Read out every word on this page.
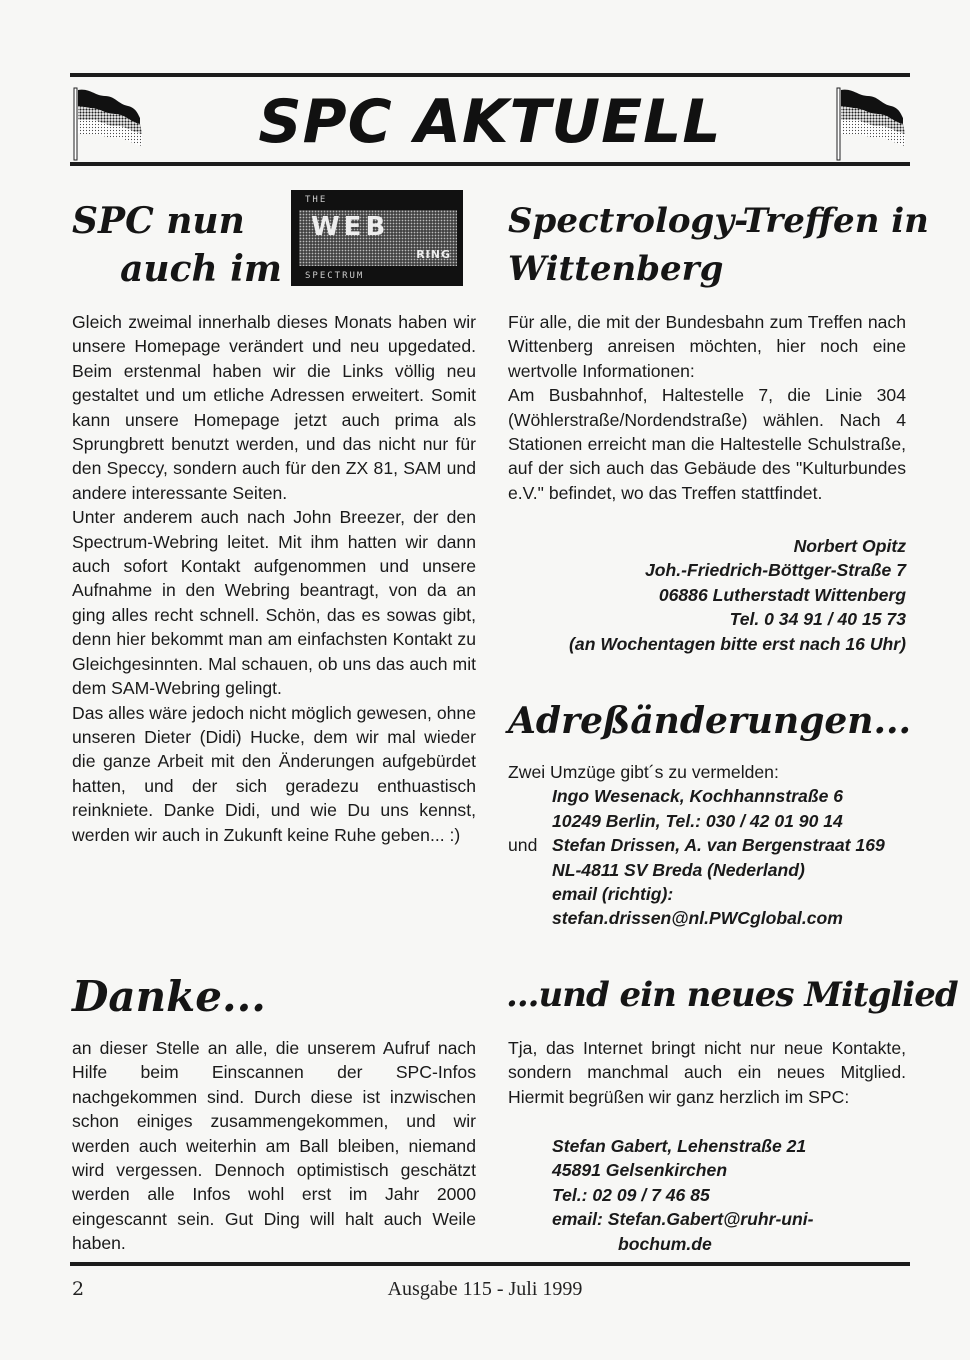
SPC AKTUELL
SPC nun
auch im
THE
WEB
RING
SPECTRUM

Gleich zweimal innerhalb dieses Monats haben wir unsere Homepage verändert und neu upgedated. Beim erstenmal haben wir die Links völlig neu gestaltet und um etliche Adressen erweitert. Somit kann unsere Homepage jetzt auch prima als Sprungbrett benutzt werden, und das nicht nur für den Speccy, sondern auch für den ZX 81, SAM und andere interessante Seiten.

Unter anderem auch nach John Breezer, der den Spectrum-Webring leitet. Mit ihm hatten wir dann auch sofort Kontakt aufgenommen und unsere Aufnahme in den Webring beantragt, von da an ging alles recht schnell. Schön, das es sowas gibt, denn hier bekommt man am einfachsten Kontakt zu Gleichgesinnten. Mal schauen, ob uns das auch mit dem SAM-Webring gelingt.

Das alles wäre jedoch nicht möglich gewesen, ohne unseren Dieter (Didi) Hucke, dem wir mal wieder die ganze Arbeit mit den Änderungen aufgebürdet hatten, und der sich geradezu enthuastisch reinkniete. Danke Didi, und wie Du uns kennst, werden wir auch in Zukunft keine Ruhe geben... :)

Danke...

an dieser Stelle an alle, die unserem Aufruf nach Hilfe beim Einscannen der SPC-Infos nachgekommen sind. Durch diese ist inzwischen schon einiges zusammengekommen, und wir werden auch weiterhin am Ball bleiben, niemand wird vergessen. Dennoch optimistisch geschätzt werden alle Infos wohl erst im Jahr 2000 eingescannt sein. Gut Ding will halt auch Weile haben.

Spectrology-Treffen in
Wittenberg

Für alle, die mit der Bundesbahn zum Treffen nach Wittenberg anreisen möchten, hier noch eine wertvolle Informationen:

Am Busbahnhof, Haltestelle 7, die Linie 304 (Wöhlerstraße/Nordendstraße) wählen. Nach 4 Stationen erreicht man die Haltestelle Schulstraße, auf der sich auch das Gebäude des "Kulturbundes e.V." befindet, wo das Treffen stattfindet.

Norbert Opitz
Joh.-Friedrich-Böttger-Straße 7
06886 Lutherstadt Wittenberg
Tel. 0 34 91 / 40 15 73
(an Wochentagen bitte erst nach 16 Uhr)
Adreßänderungen...
Zwei Umzüge gibt´s zu vermelden:
Ingo Wesenack, Kochhannstraße 6
10249 Berlin, Tel.: 030 / 42 01 90 14
und Stefan Drissen, A. van Bergenstraat 169
NL-4811 SV Breda (Nederland)
email (richtig):
stefan.drissen@nl.PWCglobal.com
...und ein neues Mitglied

Tja, das Internet bringt nicht nur neue Kontakte, sondern manchmal auch ein neues Mitglied. Hiermit begrüßen wir ganz herzlich im SPC:

Stefan Gabert, Lehenstraße 21
45891 Gelsenkirchen
Tel.: 02 09 / 7 46 85
email: Stefan.Gabert@ruhr-uni-
bochum.de
2	Ausgabe 115 - Juli 1999
